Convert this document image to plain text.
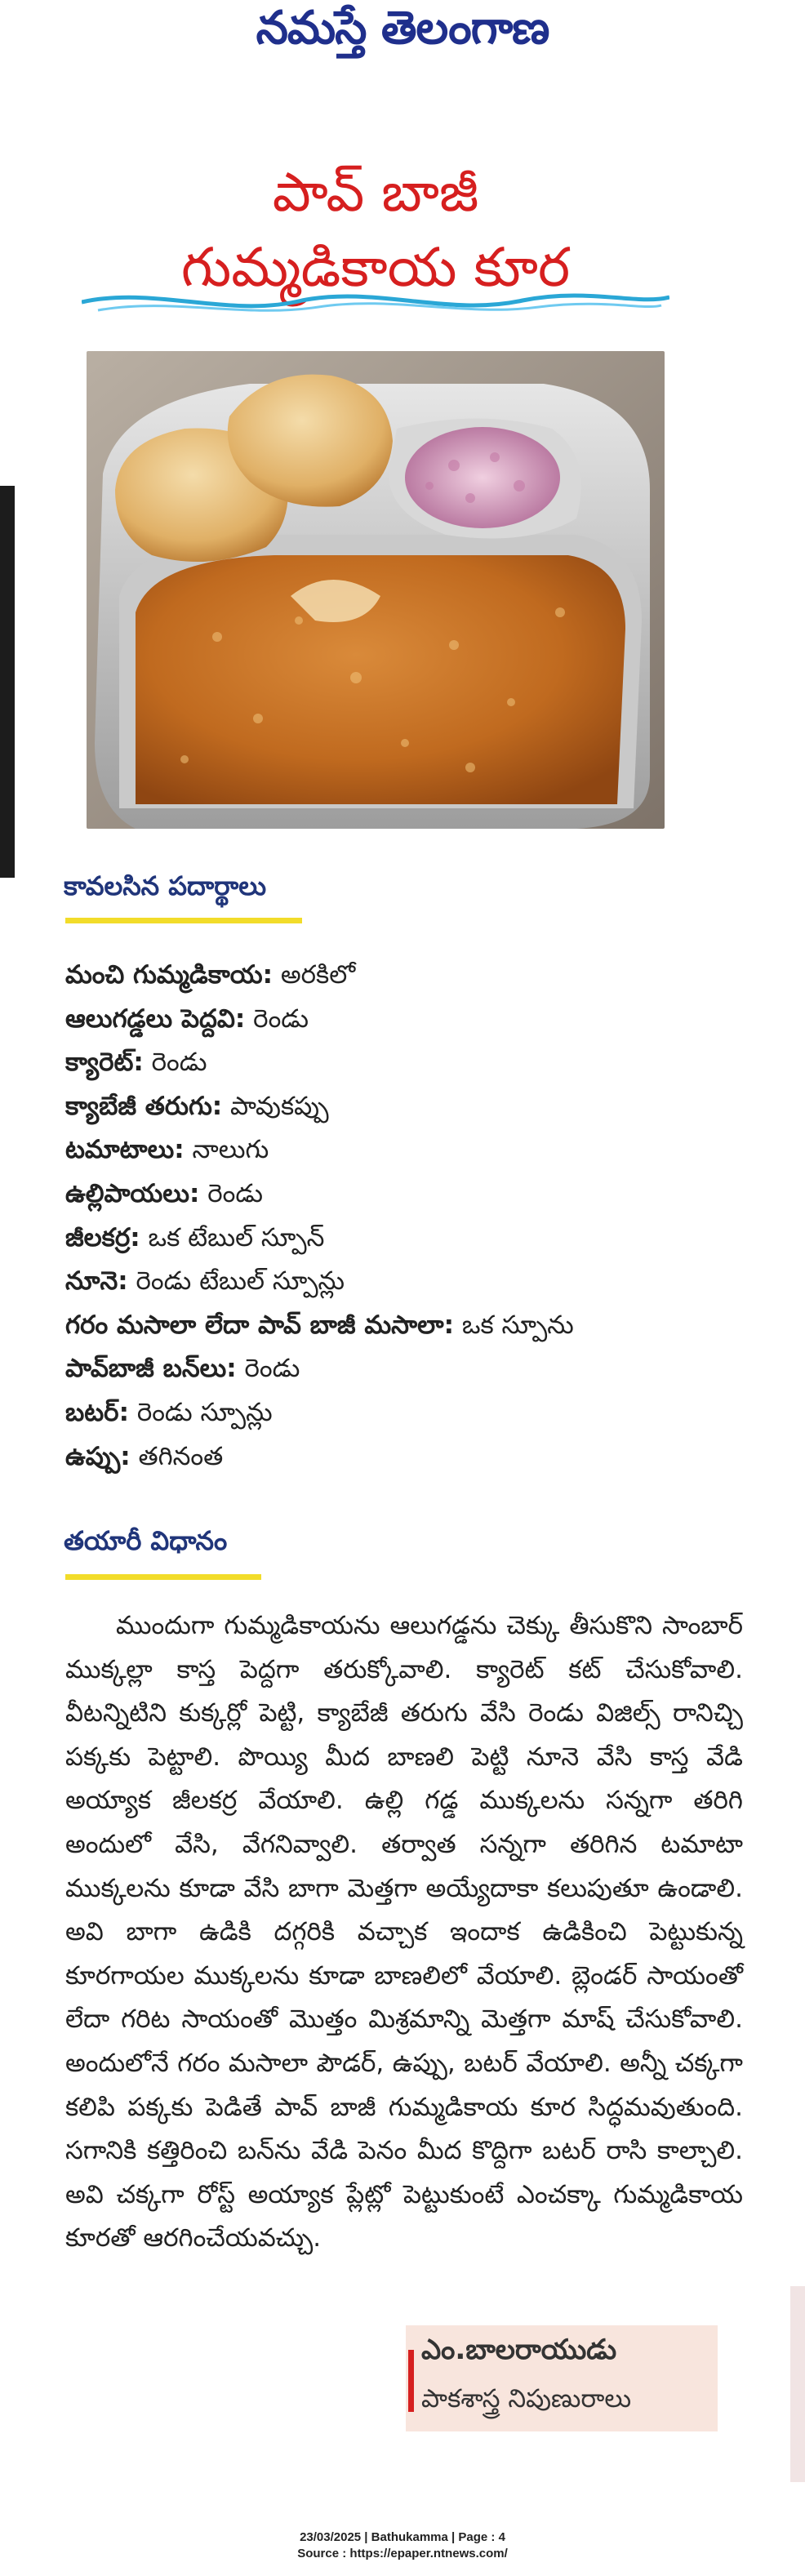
నమస్తే తెలంగాణ
పావ్ బాజీ
గుమ్మడికాయ కూర
కావలసిన పదార్థాలు
మంచి గుమ్మడికాయ: అరకిలో
ఆలుగడ్డలు పెద్దవి: రెండు
క్యారెట్: రెండు
క్యాబేజీ తరుగు: పావుకప్పు
టమాటాలు: నాలుగు
ఉల్లిపాయలు: రెండు
జీలకర్ర: ఒక టేబుల్ స్పూన్
నూనె: రెండు టేబుల్ స్పూన్లు
గరం మసాలా లేదా పావ్ బాజీ మసాలా: ఒక స్పూను
పావ్‌బాజీ బన్‌లు: రెండు
బటర్: రెండు స్పూన్లు
ఉప్పు: తగినంత
తయారీ విధానం

ముందుగా గుమ్మడికాయను ఆలుగడ్డను చెక్కు తీసుకొని సాంబార్ ముక్కల్లా కాస్త పెద్దగా తరుక్కోవాలి. క్యారెట్ కట్ చేసుకోవాలి. వీటన్నిటిని కుక్కర్లో పెట్టి, క్యాబేజీ తరుగు వేసి రెండు విజిల్స్ రానిచ్చి పక్కకు పెట్టాలి. పొయ్యి మీద బాణలి పెట్టి నూనె వేసి కాస్త వేడి అయ్యాక జీలకర్ర వేయాలి. ఉల్లి గడ్డ ముక్కలను సన్నగా తరిగి అందులో వేసి, వేగనివ్వాలి. తర్వాత సన్నగా తరిగిన టమాటా ముక్కలను కూడా వేసి బాగా మెత్తగా అయ్యేదాకా కలుపుతూ ఉండాలి. అవి బాగా ఉడికి దగ్గరికి వచ్చాక ఇందాక ఉడికించి పెట్టుకున్న కూరగాయల ముక్కలను కూడా బాణలిలో వేయాలి. బ్లెండర్ సాయంతో లేదా గరిట సాయంతో మొత్తం మిశ్రమాన్ని మెత్తగా మాష్ చేసుకోవాలి. అందులోనే గరం మసాలా పౌడర్, ఉప్పు, బటర్ వేయాలి. అన్నీ చక్కగా కలిపి పక్కకు పెడితే పావ్ బాజీ గుమ్మడికాయ కూర సిద్ధమవుతుంది. సగానికి కత్తిరించి బన్‌ను వేడి పెనం మీద కొద్దిగా బటర్ రాసి కాల్చాలి. అవి చక్కగా రోస్ట్ అయ్యాక ప్లేట్లో పెట్టుకుంటే ఎంచక్కా గుమ్మడికాయ కూరతో ఆరగించేయవచ్చు.

ఎం.బాలరాయుడు
పాకశాస్త్ర నిపుణురాలు
23/03/2025 | Bathukamma | Page : 4
Source : https://epaper.ntnews.com/
